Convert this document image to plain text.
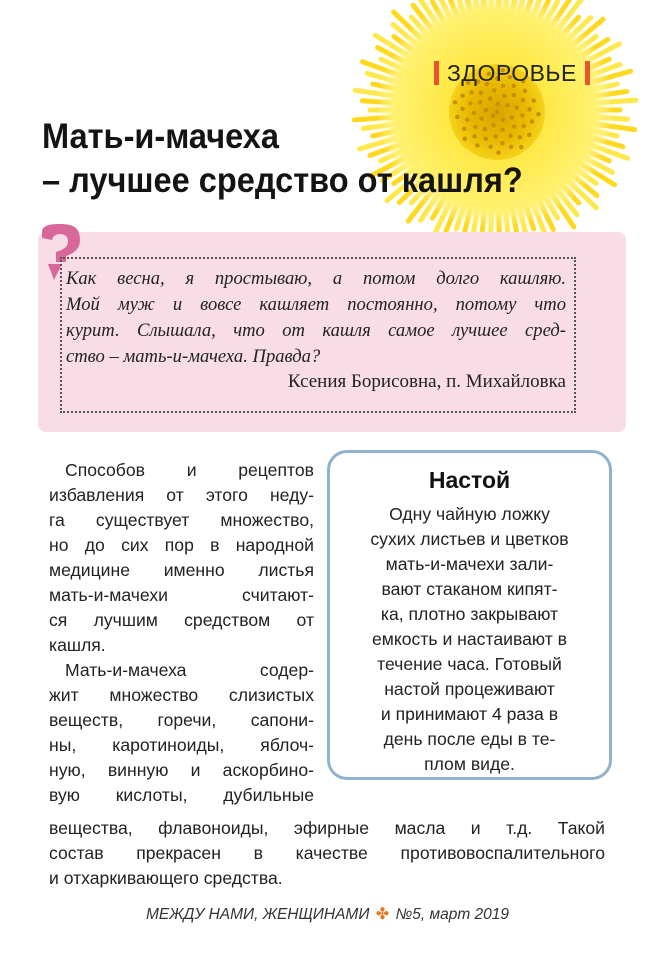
ЗДОРОВЬЕ
Мать-и-мачеха
– лучшее средство от кашля?

Как весна, я простываю, а потом долго кашляю.
Мой муж и вовсе кашляет постоянно, потому что
курит. Слышала, что от кашля самое лучшее сред-
ство – мать-и-мачеха. Правда?

Ксения Борисовна, п. Михайловка

Способов и рецептов
избавления от этого неду-
га существует множество,
но до сих пор в народной
медицине именно листья
мать-и-мачехи считают-
ся лучшим средством от
кашля.

Мать-и-мачеха содер-
жит множество слизистых
веществ, горечи, сапони-
ны, каротиноиды, яблоч-
ную, винную и аскорбино-
вую кислоты, дубильные

вещества, флавоноиды, эфирные масла и т.д. Такой
состав прекрасен в качестве противовоспалительного
и отхаркивающего средства.

Настой

Одну чайную ложку
сухих листьев и цветков
мать-и-мачехи зали-
вают стаканом кипят-
ка, плотно закрывают
емкость и настаивают в
течение часа. Готовый
настой процеживают
и принимают 4 раза в
день после еды в те-
плом виде.

МЕЖДУ НАМИ, ЖЕНЩИНАМИ ✤ №5, март 2019
